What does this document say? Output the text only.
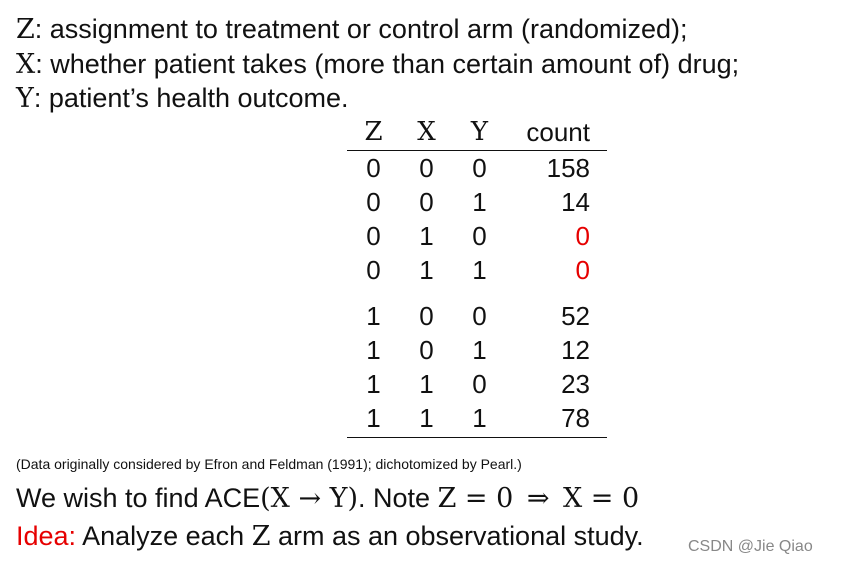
Z: assignment to treatment or control arm (randomized);
X: whether patient takes (more than certain amount of) drug;
Y: patient’s health outcome.
Z	X	Y	count
0	0	0	158
0	0	1	14
0	1	0	0
0	1	1	0
1	0	0	52
1	0	1	12
1	1	0	23
1	1	1	78
(Data originally considered by Efron and Feldman (1991); dichotomized by Pearl.)
We wish to find ACE(X → Y). Note Z = 0 ⇒ X = 0
Idea: Analyze each Z arm as an observational study.	CSDN @Jie Qiao
